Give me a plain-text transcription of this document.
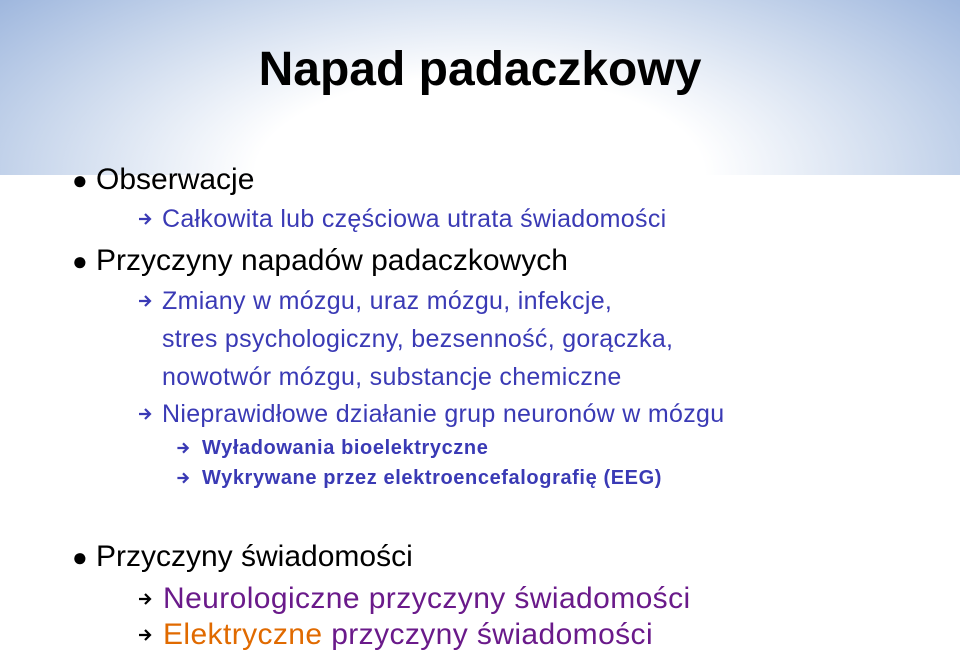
Napad padaczkowy
● Obserwacje
Całkowita lub częściowa utrata świadomości
● Przyczyny napadów padaczkowych
Zmiany w mózgu, uraz mózgu, infekcje,
stres psychologiczny, bezsenność, gorączka,
nowotwór mózgu, substancje chemiczne
Nieprawidłowe działanie grup neuronów w mózgu
Wyładowania bioelektryczne
Wykrywane przez elektroencefalografię (EEG)
● Przyczyny świadomości
Neurologiczne przyczyny świadomości
Elektryczne przyczyny świadomości
